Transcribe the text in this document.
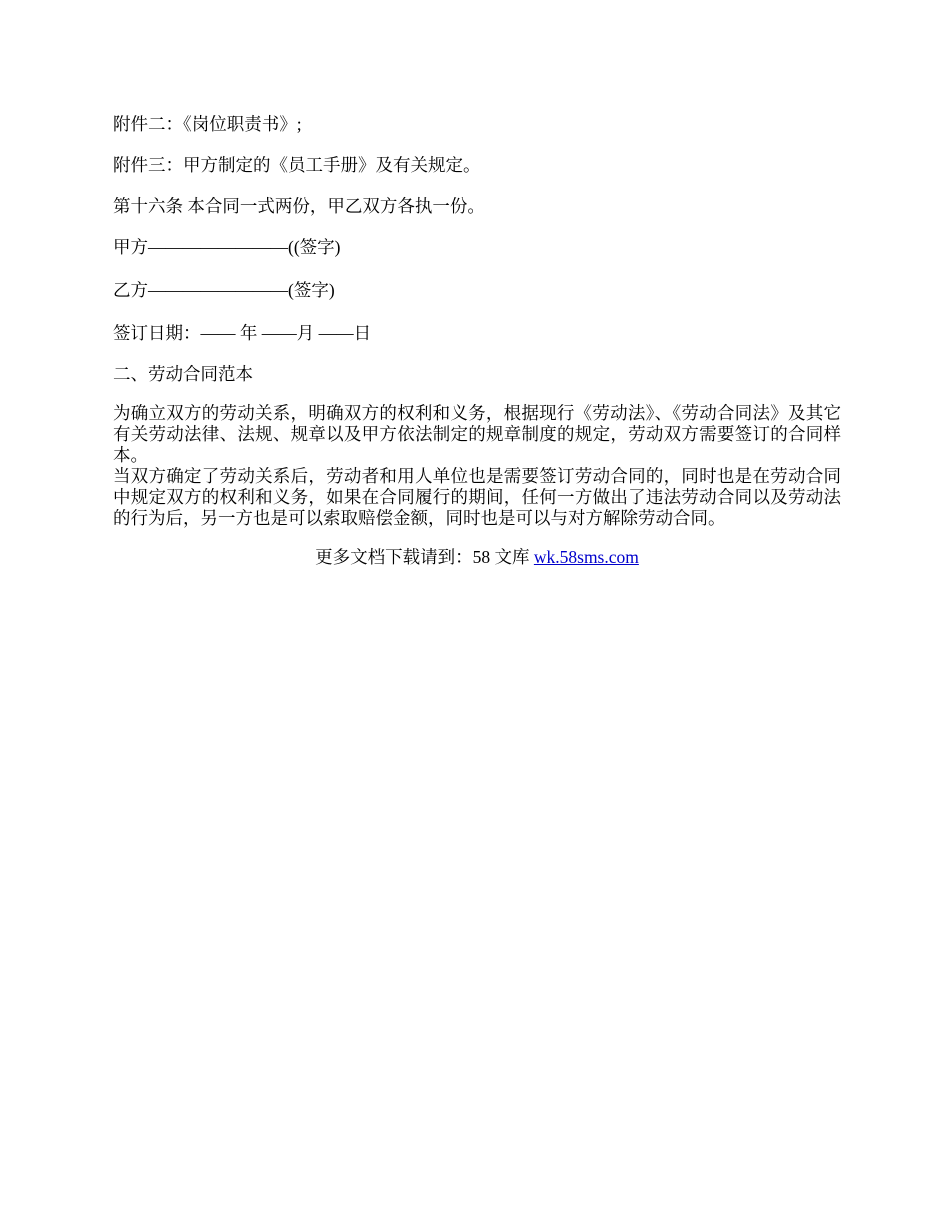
附件二：《岗位职责书》;

附件三：甲方制定的《员工手册》及有关规定。

第十六条 本合同一式两份，甲乙双方各执一份。

甲方————————((签字)

乙方————————(签字)

签订日期：—— 年 ——月 ——日

二、劳动合同范本

为确立双方的劳动关系，明确双方的权利和义务，根据现行《劳动法》、《劳动合同法》及其它有关劳动法律、法规、规章以及甲方依法制定的规章制度的规定，劳动双方需要签订的合同样本。

当双方确定了劳动关系后，劳动者和用人单位也是需要签订劳动合同的，同时也是在劳动合同中规定双方的权利和义务，如果在合同履行的期间，任何一方做出了违法劳动合同以及劳动法的行为后，另一方也是可以索取赔偿金额，同时也是可以与对方解除劳动合同。

更多文档下载请到：58 文库 wk.58sms.com
